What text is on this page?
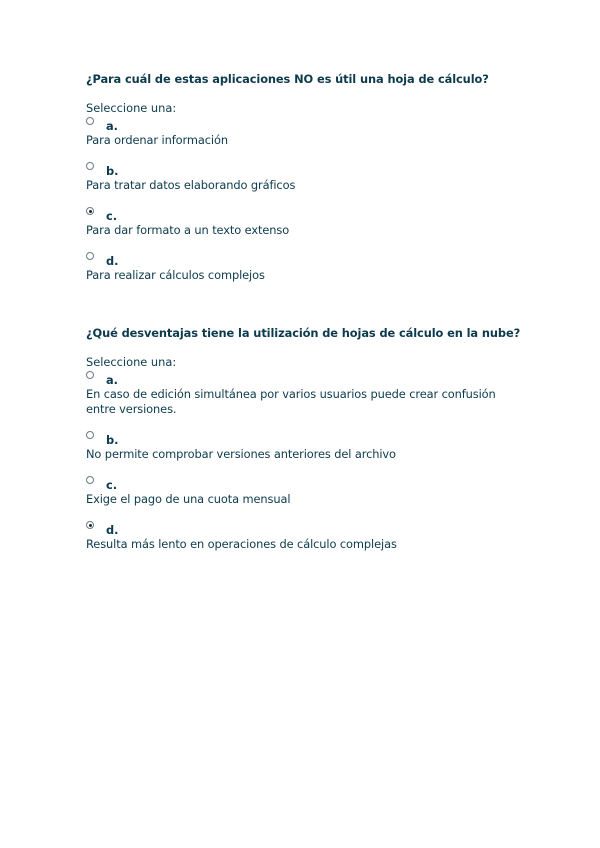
¿Para cuál de estas aplicaciones NO es útil una hoja de cálculo?

Seleccione una:

a.

Para ordenar información

b.

Para tratar datos elaborando gráficos

c.

Para dar formato a un texto extenso

d.

Para realizar cálculos complejos

¿Qué desventajas tiene la utilización de hojas de cálculo en la nube?

Seleccione una:

a.

En caso de edición simultánea por varios usuarios puede crear confusión entre versiones.

b.

No permite comprobar versiones anteriores del archivo

c.

Exige el pago de una cuota mensual

d.

Resulta más lento en operaciones de cálculo complejas
